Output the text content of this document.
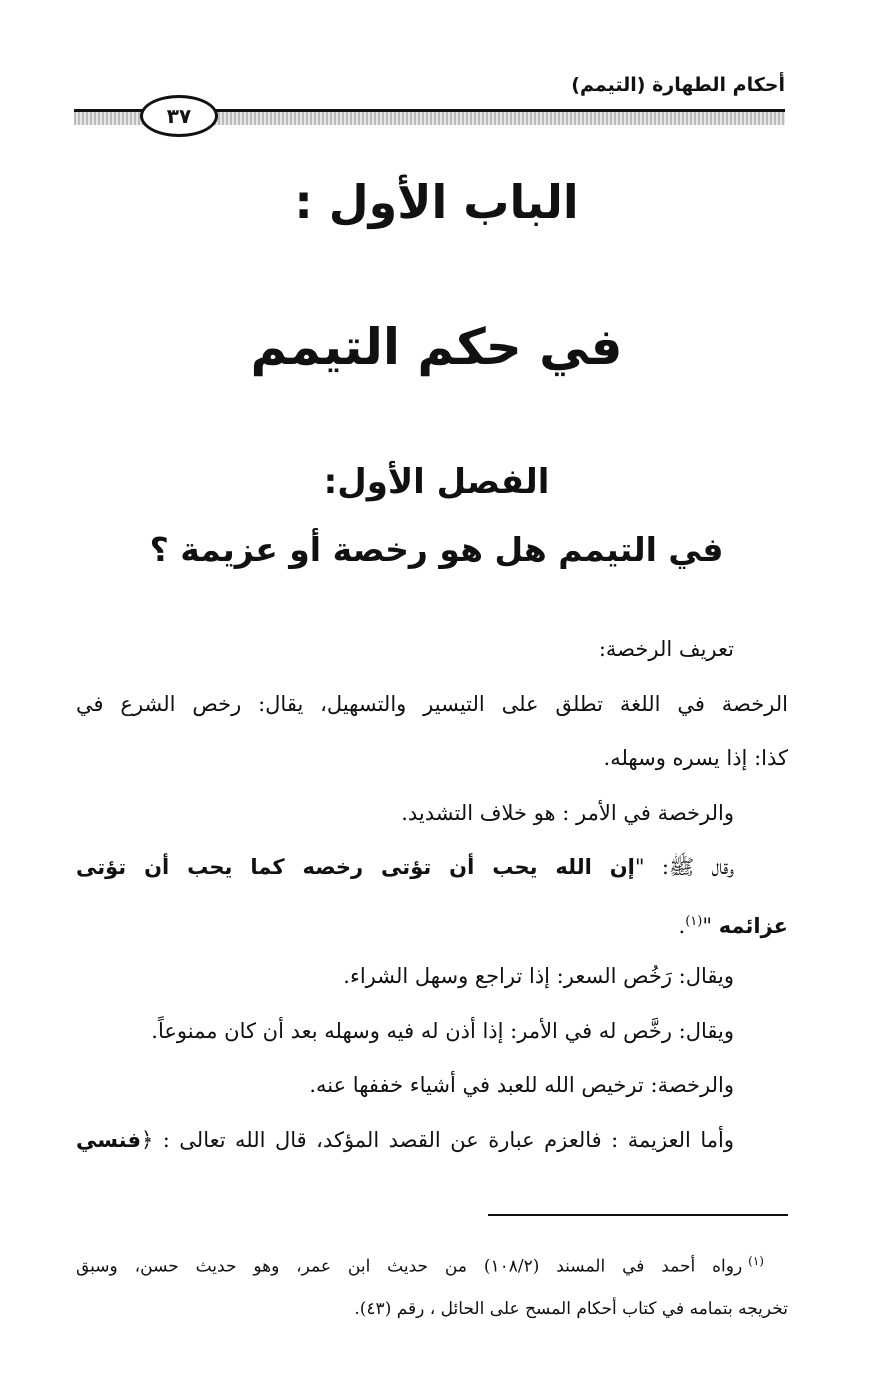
أحكام الطهارة (التيمم)
٣٧
الباب الأول :
في حكم التيمم
الفصل الأول:
في التيمم هل هو رخصة أو عزيمة ؟
تعريف الرخصة:
الرخصة في اللغة تطلق على التيسير والتسهيل، يقال: رخص الشرع في
كذا: إذا يسره وسهله.
والرخصة في الأمر : هو خلاف التشديد.
وقال ﷺ: "إن الله يحب أن تؤتى رخصه كما يحب أن تؤتى
عزائمه "$^{(١)}$.
ويقال: رَخُص السعر: إذا تراجع وسهل الشراء.
ويقال: رخَّص له في الأمر: إذا أذن له فيه وسهله بعد أن كان ممنوعاً.
والرخصة: ترخيص الله للعبد في أشياء خففها عنه.
وأما العزيمة : فالعزم عبارة عن القصد المؤكد، قال الله تعالى : ﴿فنسي
$^{(١)}$رواه أحمد في المسند (١٠٨/٢) من حديث ابن عمر، وهو حديث حسن، وسبق
تخريجه بتمامه في كتاب أحكام المسح على الحائل ، رقم (٤٣).
